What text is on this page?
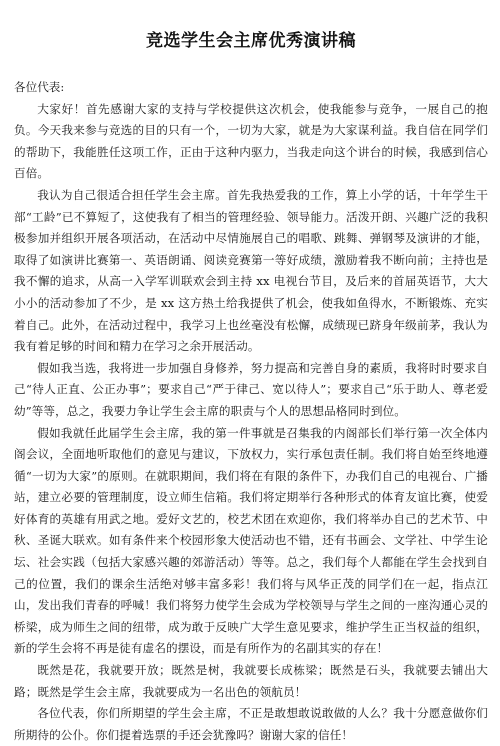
竞选学生会主席优秀演讲稿

各位代表:

大家好！首先感谢大家的支持与学校提供这次机会，使我能参与竞争，一展自己的抱负。今天我来参与竞选的目的只有一个，一切为大家，就是为大家谋利益。我自信在同学们的帮助下，我能胜任这项工作，正由于这种内驱力，当我走向这个讲台的时候，我感到信心百倍。

我认为自己很适合担任学生会主席。首先我热爱我的工作，算上小学的话，十年学生干部“工龄”已不算短了，这使我有了相当的管理经验、领导能力。活泼开朗、兴趣广泛的我积极参加并组织开展各项活动，在活动中尽情施展自己的唱歌、跳舞、弹钢琴及演讲的才能，取得了如演讲比赛第一、英语朗诵、阅读竞赛第一等好成绩，激励着我不断向前；主持也是我不懈的追求，从高一入学军训联欢会到主持 xx 电视台节目，及后来的首届英语节，大大小小的活动参加了不少，是 xx 这方热土给我提供了机会，使我如鱼得水，不断锻炼、充实着自己。此外，在活动过程中，我学习上也丝毫没有松懈，成绩现已跻身年级前茅，我认为我有着足够的时间和精力在学习之余开展活动。

假如我当选，我将进一步加强自身修养，努力提高和完善自身的素质，我将时时要求自己“待人正直、公正办事”；要求自己“严于律己、宽以待人”；要求自己“乐于助人、尊老爱幼”等等，总之，我要力争让学生会主席的职责与个人的思想品格同时到位。

假如我就任此届学生会主席，我的第一件事就是召集我的内阁部长们举行第一次全体内阁会议，全面地听取他们的意见与建议，下放权力，实行承包责任制。我们将自始至终地遵循“一切为大家”的原则。在就职期间，我们将在有限的条件下，办我们自己的电视台、广播站，建立必要的管理制度，设立师生信箱。我们将定期举行各种形式的体育友谊比赛，使爱好体育的英雄有用武之地。爱好文艺的，校艺术团在欢迎你，我们将举办自己的艺术节、中秋、圣诞大联欢。如有条件来个校园形象大使活动也不错，还有书画会、文学社、中学生论坛、社会实践（包括大家感兴趣的郊游活动）等等。总之，我们每个人都能在学生会找到自己的位置，我们的课余生活绝对够丰富多彩！我们将与风华正茂的同学们在一起，指点江山，发出我们青春的呼喊！我们将努力使学生会成为学校领导与学生之间的一座沟通心灵的桥梁，成为师生之间的纽带，成为敢于反映广大学生意见要求，维护学生正当权益的组织，新的学生会将不再是徒有虚名的摆设，而是有所作为的名副其实的存在！

既然是花，我就要开放；既然是树，我就要长成栋梁；既然是石头，我就要去铺出大路；既然是学生会主席，我就要成为一名出色的领航员！

各位代表，你们所期望的学生会主席，不正是敢想敢说敢做的人么？我十分愿意做你们所期待的公仆。你们提着选票的手还会犹豫吗？谢谢大家的信任！
